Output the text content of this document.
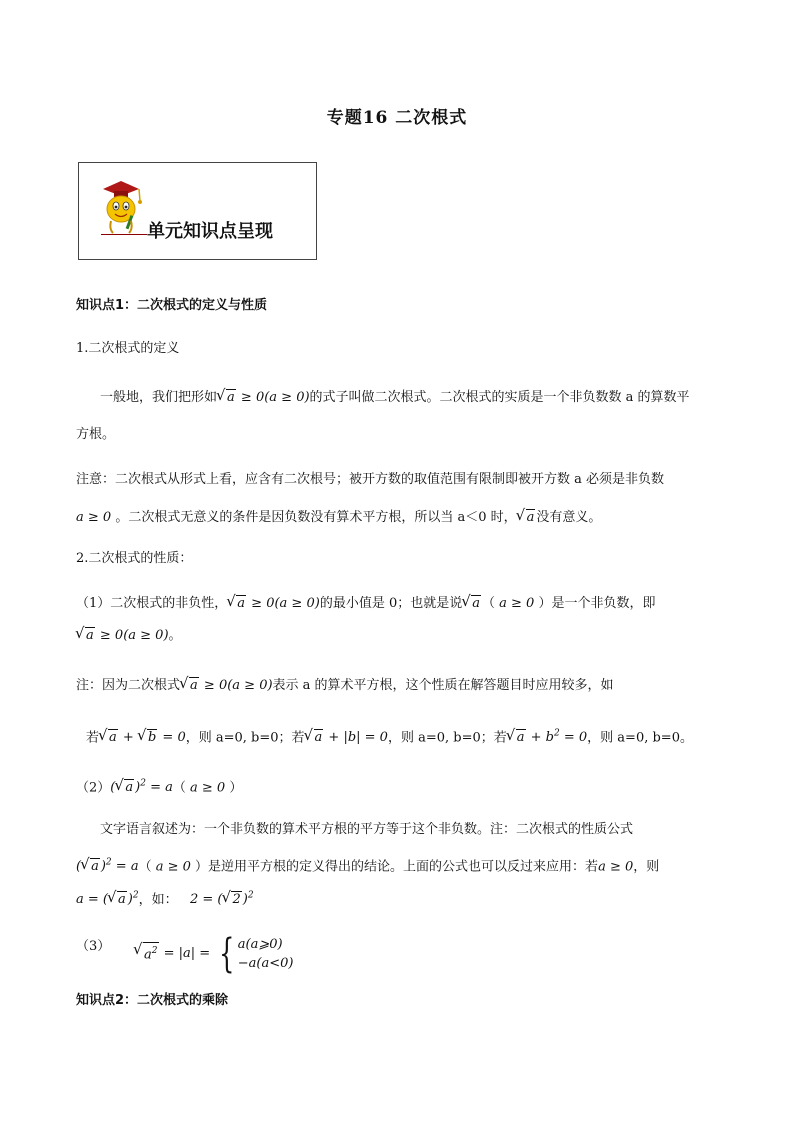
专题16 二次根式
单元知识点呈现
知识点1：二次根式的定义与性质
1.二次根式的定义
一般地，我们把形如 √ a ≥ 0(a ≥ 0)的式子叫做二次根式。二次根式的实质是一个非负数数 a 的算数平
方根。
注意：二次根式从形式上看，应含有二次根号；被开方数的取值范围有限制即被开方数 a 必须是非负数
a ≥ 0 。二次根式无意义的条件是因负数没有算术平方根，所以当 a＜0 时， √ a 没有意义。
2.二次根式的性质：
（1）二次根式的非负性， √ a ≥ 0(a ≥ 0)的最小值是 0；也就是说 √ a （ a ≥ 0 ）是一个非负数，即
√ a ≥ 0(a ≥ 0)。
注：因为二次根式 √ a ≥ 0(a ≥ 0)表示 a 的算术平方根，这个性质在解答题目时应用较多，如
若 √ a + √ b = 0，则 a=0, b=0；若 √ a + |b| = 0，则 a=0, b=0；若 √ $a + b^2 = 0$，则 a=0, b=0。
（2）( √ a )$^2$ = a（ a ≥ 0 ）
文字语言叙述为：一个非负数的算术平方根的平方等于这个非负数。注：二次根式的性质公式
( √ a )$^2$ = a（ a ≥ 0 ）是逆用平方根的定义得出的结论。上面的公式也可以反过来应用：若a ≥ 0，则
a = ( √ a )$^2$，如： 2 = ( √ 2 )$^2$
（3）
√ $a^2 = |a|$ = { a(a⩾0)
−a(a<0)
知识点2：二次根式的乘除
